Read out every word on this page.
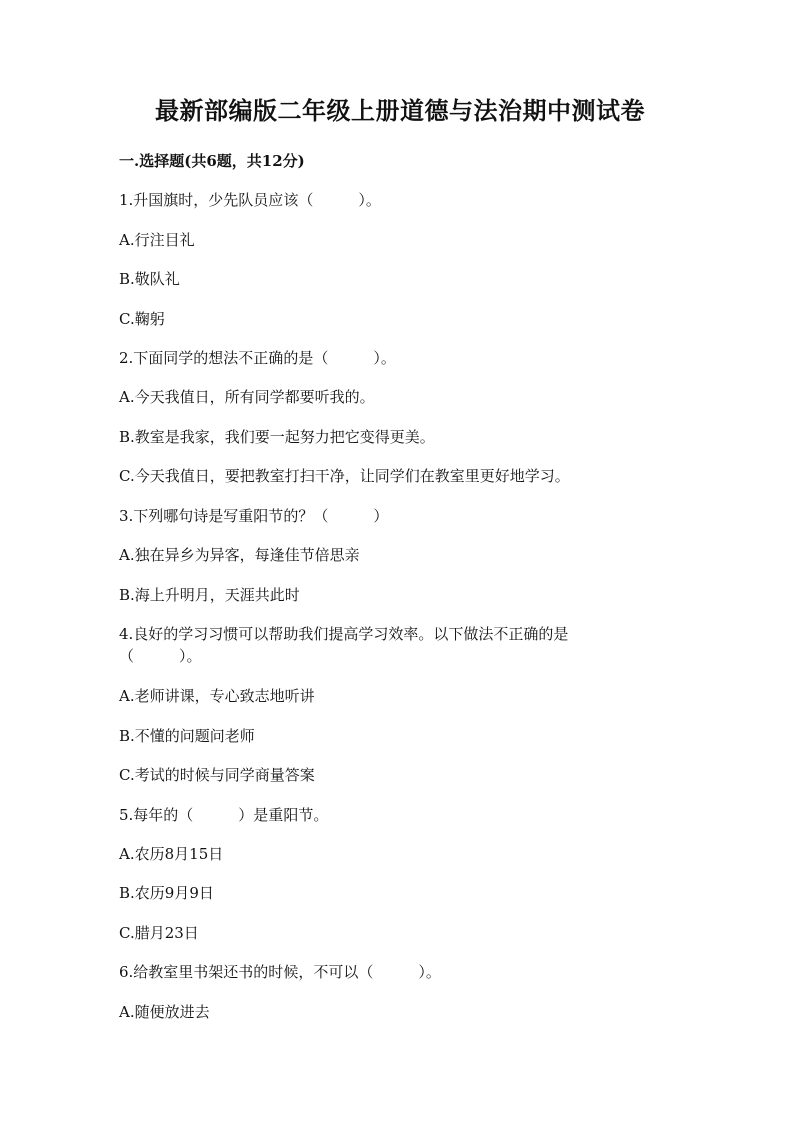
最新部编版二年级上册道德与法治期中测试卷
一.选择题(共6题，共12分)
1.升国旗时，少先队员应该（　　　）。
A.行注目礼
B.敬队礼
C.鞠躬
2.下面同学的想法不正确的是（　　　）。
A.今天我值日，所有同学都要听我的。
B.教室是我家，我们要一起努力把它变得更美。
C.今天我值日，要把教室打扫干净，让同学们在教室里更好地学习。
3.下列哪句诗是写重阳节的？（　　　）
A.独在异乡为异客，每逢佳节倍思亲
B.海上升明月，天涯共此时
4.良好的学习习惯可以帮助我们提高学习效率。以下做法不正确的是（　　　）。
A.老师讲课，专心致志地听讲
B.不懂的问题问老师
C.考试的时候与同学商量答案
5.每年的（　　　）是重阳节。
A.农历8月15日
B.农历9月9日
C.腊月23日
6.给教室里书架还书的时候，不可以（　　　）。
A.随便放进去
